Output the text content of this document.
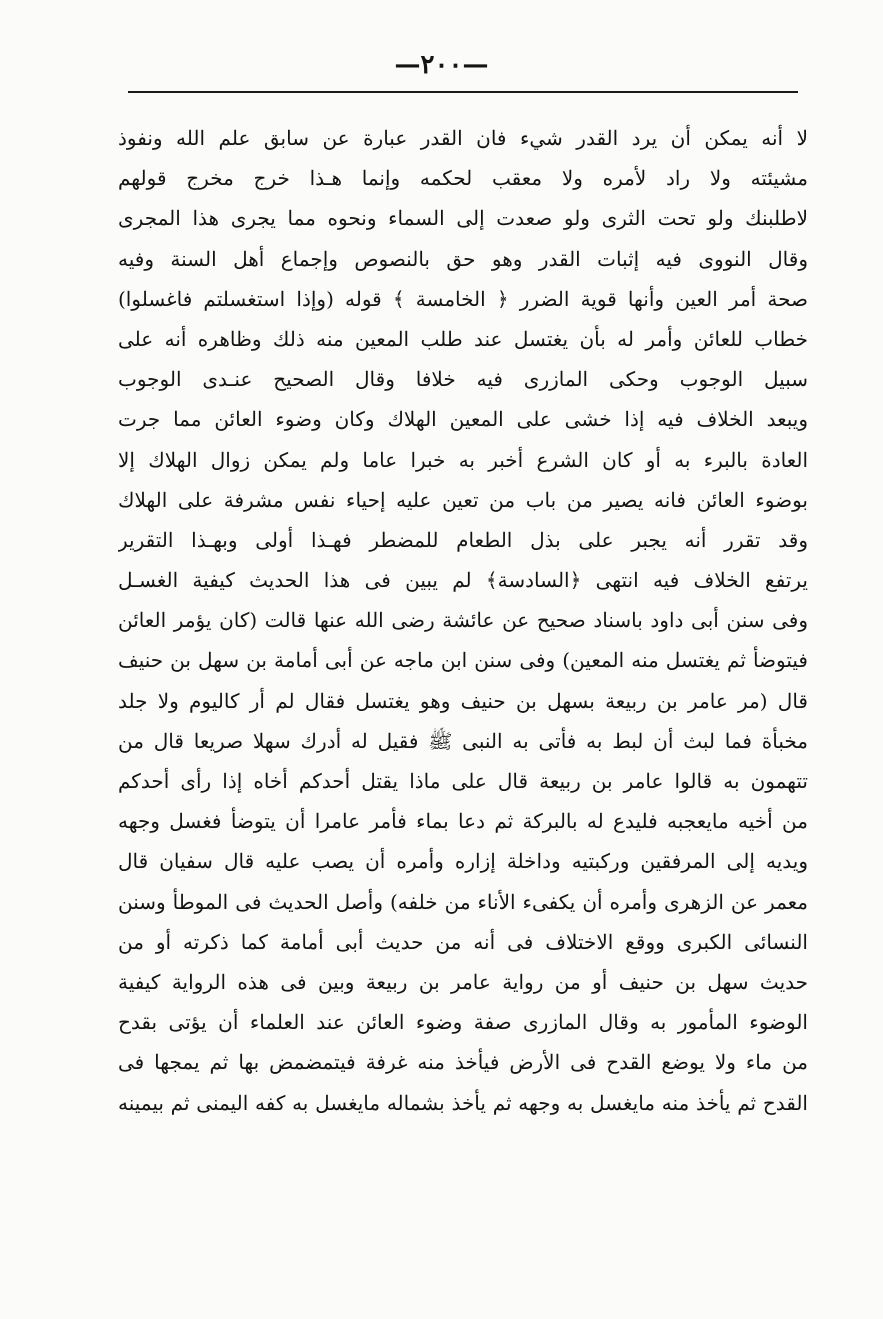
—٢٠٠—
لا أنه يمكن أن يرد القدر شيء فان القدر عبارة عن سابق علم الله ونفوذ
مشيئته ولا راد لأمره ولا معقب لحكمه وإنما هـذا خرج مخرج قولهم
لاطلبنك ولو تحت الثرى ولو صعدت إلى السماء ونحوه مما يجرى هذا المجرى
وقال النووى فيه إثبات القدر وهو حق بالنصوص وإجماع أهل السنة وفيه
صحة أمر العين وأنها قوية الضرر ﴿ الخامسة ﴾ قوله (وإذا استغسلتم فاغسلوا)
خطاب للعائن وأمر له بأن يغتسل عند طلب المعين منه ذلك وظاهره أنه على
سبيل الوجوب وحكى المازرى فيه خلافا وقال الصحيح عنـدى الوجوب
ويبعد الخلاف فيه إذا خشى على المعين الهلاك وكان وضوء العائن مما جرت
العادة بالبرء به أو كان الشرع أخبر به خبرا عاما ولم يمكن زوال الهلاك إلا
بوضوء العائن فانه يصير من باب من تعين عليه إحياء نفس مشرفة على الهلاك
وقد تقرر أنه يجبر على بذل الطعام للمضطر فهـذا أولى وبهـذا التقرير
يرتفع الخلاف فيه انتهى ﴿السادسة﴾ لم يبين فى هذا الحديث كيفية الغسـل
وفى سنن أبى داود باسناد صحيح عن عائشة رضى الله عنها قالت (كان يؤمر العائن
فيتوضأ ثم يغتسل منه المعين) وفى سنن ابن ماجه عن أبى أمامة بن سهل بن حنيف
قال (مر عامر بن ربيعة بسهل بن حنيف وهو يغتسل فقال لم أر كاليوم ولا جلد
مخبأة فما لبث أن لبط به فأتى به النبى ﷺ فقيل له أدرك سهلا صريعا قال من
تتهمون به قالوا عامر بن ربيعة قال على ماذا يقتل أحدكم أخاه إذا رأى أحدكم
من أخيه مايعجبه فليدع له بالبركة ثم دعا بماء فأمر عامرا أن يتوضأ فغسل وجهه
ويديه إلى المرفقين وركبتيه وداخلة إزاره وأمره أن يصب عليه قال سفيان قال
معمر عن الزهرى وأمره أن يكفىء الأناء من خلفه) وأصل الحديث فى الموطأ وسنن
النسائى الكبرى ووقع الاختلاف فى أنه من حديث أبى أمامة كما ذكرته أو من
حديث سهل بن حنيف أو من رواية عامر بن ربيعة وبين فى هذه الرواية كيفية
الوضوء المأمور به وقال المازرى صفة وضوء العائن عند العلماء أن يؤتى بقدح
من ماء ولا يوضع القدح فى الأرض فيأخذ منه غرفة فيتمضمض بها ثم يمجها فى
القدح ثم يأخذ منه مايغسل به وجهه ثم يأخذ بشماله مايغسل به كفه اليمنى ثم بيمينه
